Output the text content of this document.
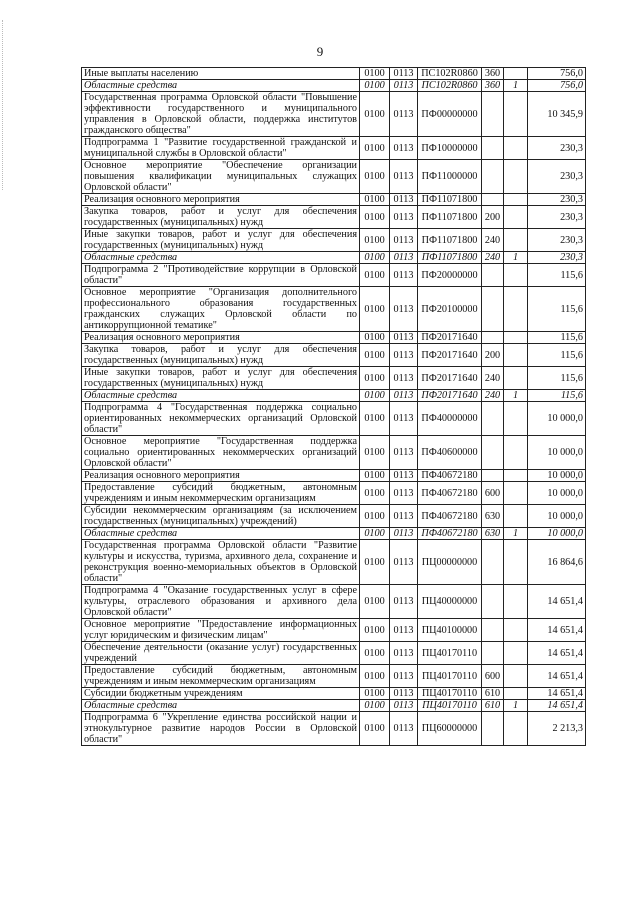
9
Иные выплаты населению	0100	0113	ПС102R0860	360		756,0
Областные средства	0100	0113	ПС102R0860	360	1	756,0
Государственная программа Орловской области "Повышение эффективности государственного и муниципального управления в Орловской области, поддержка институтов гражданского общества"	0100	0113	ПФ00000000			10 345,9
Подпрограмма 1 "Развитие государственной гражданской и муниципальной службы в Орловской области"	0100	0113	ПФ10000000			230,3
Основное мероприятие "Обеспечение организации повышения квалификации муниципальных служащих Орловской области"	0100	0113	ПФ11000000			230,3
Реализация основного мероприятия	0100	0113	ПФ11071800			230,3
Закупка товаров, работ и услуг для обеспечения государственных (муниципальных) нужд	0100	0113	ПФ11071800	200		230,3
Иные закупки товаров, работ и услуг для обеспечения государственных (муниципальных) нужд	0100	0113	ПФ11071800	240		230,3
Областные средства	0100	0113	ПФ11071800	240	1	230,3
Подпрограмма 2 "Противодействие коррупции в Орловской области"	0100	0113	ПФ20000000			115,6
Основное мероприятие "Организация дополнительного профессионального образования государственных гражданских служащих Орловской области по антикоррупционной тематике"	0100	0113	ПФ20100000			115,6
Реализация основного мероприятия	0100	0113	ПФ20171640			115,6
Закупка товаров, работ и услуг для обеспечения государственных (муниципальных) нужд	0100	0113	ПФ20171640	200		115,6
Иные закупки товаров, работ и услуг для обеспечения государственных (муниципальных) нужд	0100	0113	ПФ20171640	240		115,6
Областные средства	0100	0113	ПФ20171640	240	1	115,6
Подпрограмма 4 "Государственная поддержка социально ориентированных некоммерческих организаций Орловской области"	0100	0113	ПФ40000000			10 000,0
Основное мероприятие "Государственная поддержка социально ориентированных некоммерческих организаций Орловской области"	0100	0113	ПФ40600000			10 000,0
Реализация основного мероприятия	0100	0113	ПФ40672180			10 000,0
Предоставление субсидий бюджетным, автономным учреждениям и иным некоммерческим организациям	0100	0113	ПФ40672180	600		10 000,0
Субсидии некоммерческим организациям (за исключением государственных (муниципальных) учреждений)	0100	0113	ПФ40672180	630		10 000,0
Областные средства	0100	0113	ПФ40672180	630	1	10 000,0
Государственная программа Орловской области "Развитие культуры и искусства, туризма, архивного дела, сохранение и реконструкция военно-мемориальных объектов в Орловской области"	0100	0113	ПЦ00000000			16 864,6
Подпрограмма 4 "Оказание государственных услуг в сфере культуры, отраслевого образования и архивного дела Орловской области"	0100	0113	ПЦ40000000			14 651,4
Основное мероприятие "Предоставление информационных услуг юридическим и физическим лицам"	0100	0113	ПЦ40100000			14 651,4
Обеспечение деятельности (оказание услуг) государственных учреждений	0100	0113	ПЦ40170110			14 651,4
Предоставление субсидий бюджетным, автономным учреждениям и иным некоммерческим организациям	0100	0113	ПЦ40170110	600		14 651,4
Субсидии бюджетным учреждениям	0100	0113	ПЦ40170110	610		14 651,4
Областные средства	0100	0113	ПЦ40170110	610	1	14 651,4
Подпрограмма 6 "Укрепление единства российской нации и этнокультурное развитие народов России в Орловской области"	0100	0113	ПЦ60000000			2 213,3
